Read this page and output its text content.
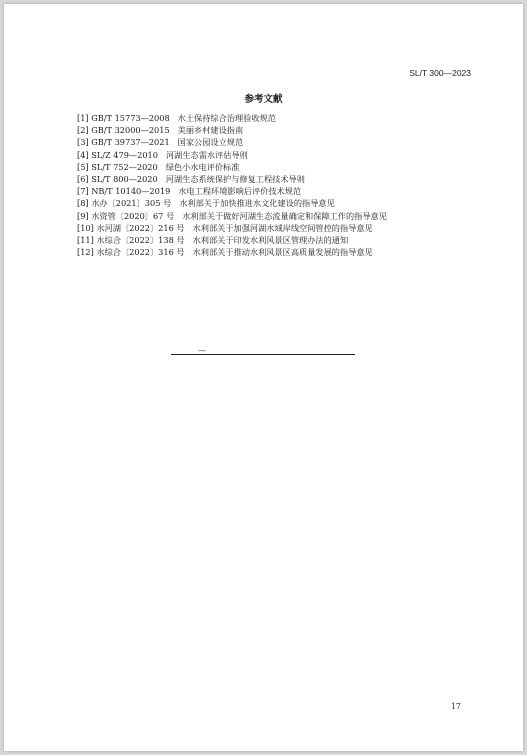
SL/T 300—2023
参考文献
[1] GB/T 15773—2008 水土保持综合治理验收规范
[2] GB/T 32000—2015 美丽乡村建设指南
[3] GB/T 39737—2021 国家公园设立规范
[4] SL/Z 479—2010 河湖生态需水评估导则
[5] SL/T 752—2020 绿色小水电评价标准
[6] SL/T 800—2020 河湖生态系统保护与修复工程技术导则
[7] NB/T 10140—2019 水电工程环境影响后评价技术规范
[8] 水办〔2021〕305 号 水利部关于加快推进水文化建设的指导意见
[9] 水资管〔2020〕67 号 水利部关于做好河湖生态流量确定和保障工作的指导意见
[10] 水河湖〔2022〕216 号 水利部关于加强河湖水域岸线空间管控的指导意见
[11] 水综合〔2022〕138 号 水利部关于印发水利风景区管理办法的通知
[12] 水综合〔2022〕316 号 水利部关于推动水利风景区高质量发展的指导意见
—
17
